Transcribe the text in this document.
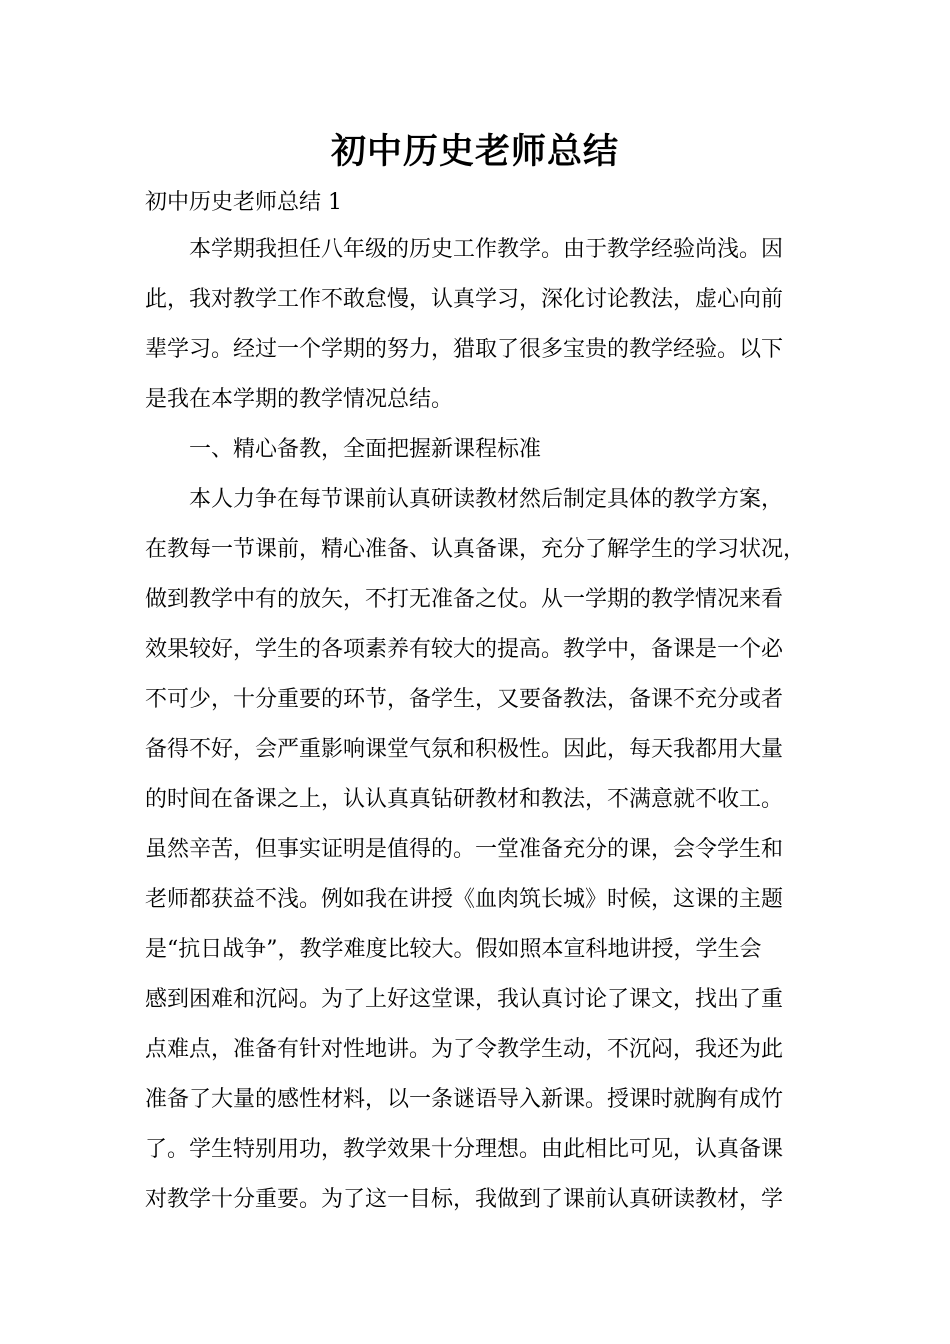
初中历史老师总结
初中历史老师总结 1
本学期我担任八年级的历史工作教学。由于教学经验尚浅。因
此，我对教学工作不敢怠慢，认真学习，深化讨论教法，虚心向前
辈学习。经过一个学期的努力，猎取了很多宝贵的教学经验。以下
是我在本学期的教学情况总结。
一、精心备教，全面把握新课程标准
本人力争在每节课前认真研读教材然后制定具体的教学方案，
在教每一节课前，精心准备、认真备课，充分了解学生的学习状况，
做到教学中有的放矢，不打无准备之仗。从一学期的教学情况来看
效果较好，学生的各项素养有较大的提高。教学中，备课是一个必
不可少，十分重要的环节，备学生，又要备教法，备课不充分或者
备得不好，会严重影响课堂气氛和积极性。因此，每天我都用大量
的时间在备课之上，认认真真钻研教材和教法，不满意就不收工。
虽然辛苦，但事实证明是值得的。一堂准备充分的课，会令学生和
老师都获益不浅。例如我在讲授《血肉筑长城》时候，这课的主题
是“抗日战争”，教学难度比较大。假如照本宣科地讲授，学生会
感到困难和沉闷。为了上好这堂课，我认真讨论了课文，找出了重
点难点，准备有针对性地讲。为了令教学生动，不沉闷，我还为此
准备了大量的感性材料，以一条谜语导入新课。授课时就胸有成竹
了。学生特别用功，教学效果十分理想。由此相比可见，认真备课
对教学十分重要。为了这一目标，我做到了课前认真研读教材，学
